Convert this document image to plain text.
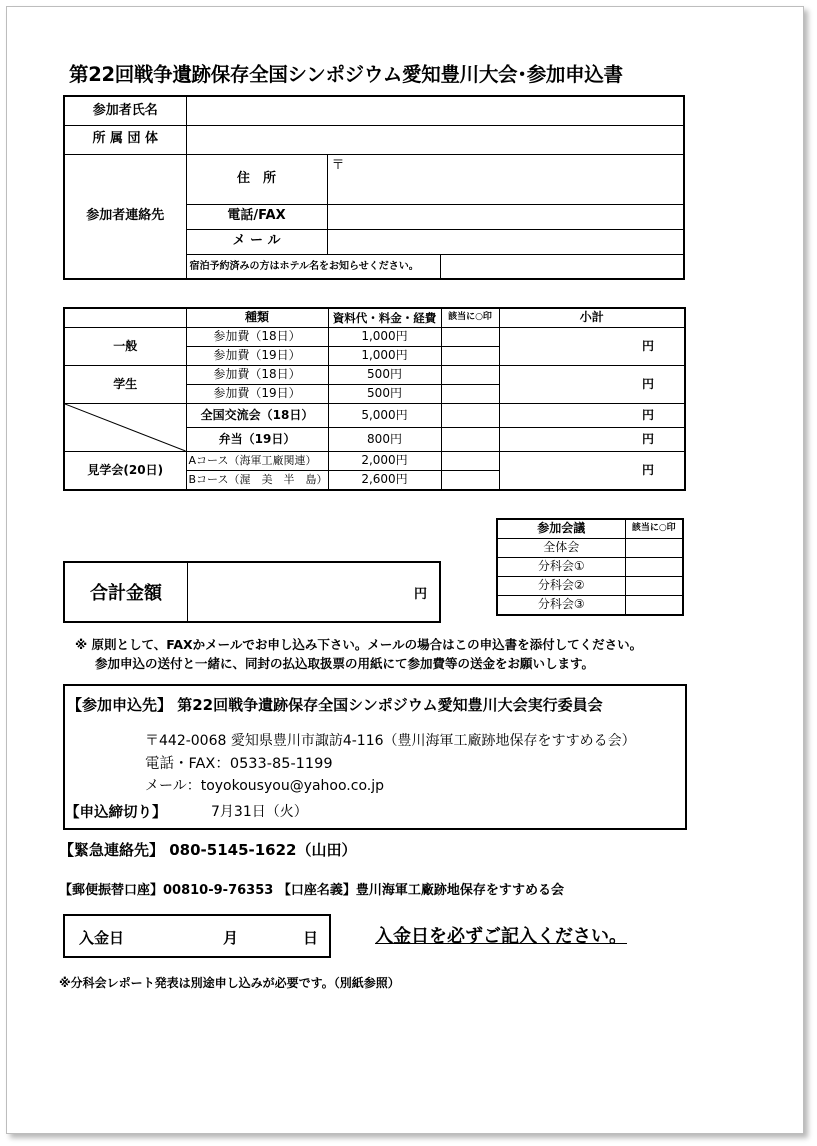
第22回戦争遺跡保存全国シンポジウム愛知豊川大会･参加申込書
参加者氏名			
所 属 団 体			
参加者連絡先	住　所	〒	
	電話/FAX		
	メ ー ル		
	宿泊予約済みの方はホテル名をお知らせください。		
	種類	資料代・料金・経費	該当に○印	小計
一般	参加費（18日）	1,000円		円
	参加費（19日）	1,000円		
学生	参加費（18日）	500円		円
	参加費（19日）	500円		

	全国交流会（18日）	5,000円		円
	弁当（19日）	800円		円
見学会(20日)	Aコース（海軍工廠関連）	2,000円		円
	Bコース（渥　美　半　島）	2,600円		
参加会議	該当に○印
全体会	
分科会①	
分科会②	
分科会③	
合計金額	円
※ 原則として、FAXかメールでお申し込み下さい。メールの場合はこの申込書を添付してください。
参加申込の送付と一緒に、同封の払込取扱票の用紙にて参加費等の送金をお願いします。
【参加申込先】 第22回戦争遺跡保存全国シンポジウム愛知豊川大会実行委員会
〒442-0068 愛知県豊川市諏訪4-116（豊川海軍工廠跡地保存をすすめる会）
電話・FAX：0533-85-1199
メール：toyokousyou@yahoo.co.jp
【申込締切り】	7月31日（火）
【緊急連絡先】 080-5145-1622（山田）
【郵便振替口座】00810-9-76353 【口座名義】豊川海軍工廠跡地保存をすすめる会
入金日	月	日	入金日を必ずご記入ください。
※分科会レポート発表は別途申し込みが必要です。（別紙参照）
